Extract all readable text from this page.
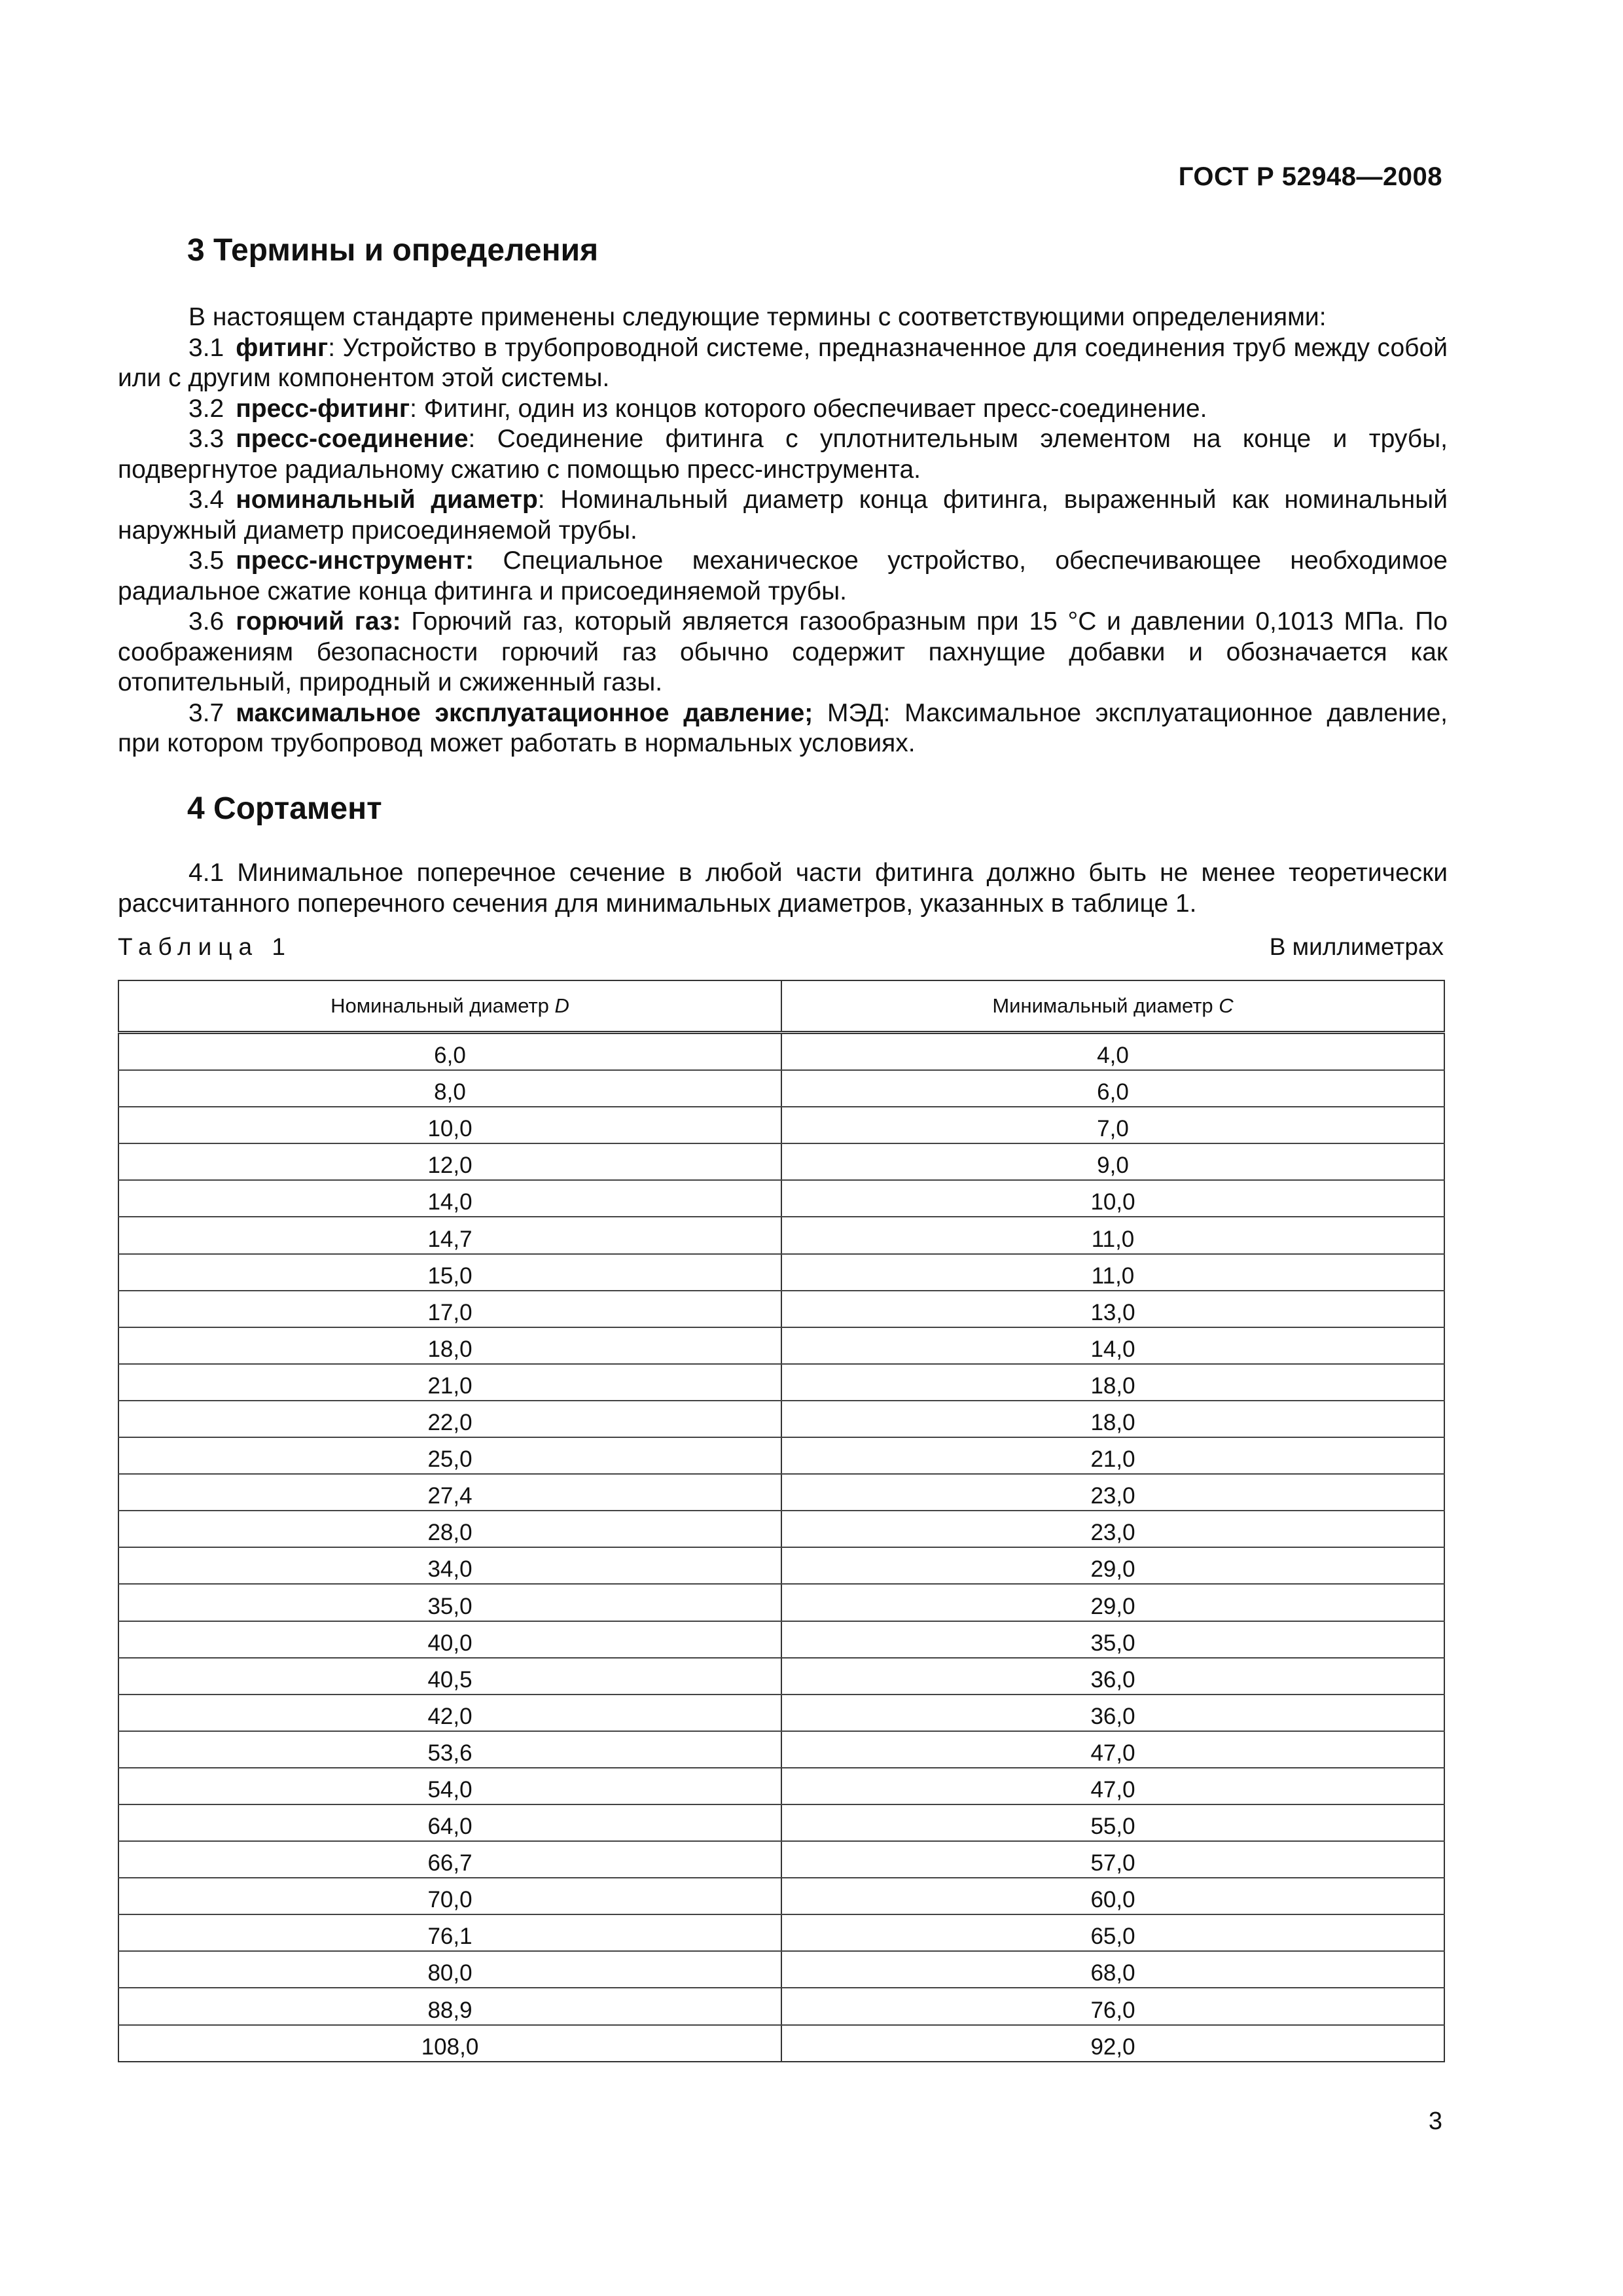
ГОСТ Р 52948—2008
3 Термины и определения

В настоящем стандарте применены следующие термины с соответствующими определениями:

3.1 фитинг: Устройство в трубопроводной системе, предназначенное для соединения труб между собой или с другим компонентом этой системы.

3.2 пресс-фитинг: Фитинг, один из концов которого обеспечивает пресс-соединение.

3.3 пресс-соединение: Соединение фитинга с уплотнительным элементом на конце и трубы, подвергнутое радиальному сжатию с помощью пресс-инструмента.

3.4 номинальный диаметр: Номинальный диаметр конца фитинга, выраженный как номинальный наружный диаметр присоединяемой трубы.

3.5 пресс-инструмент: Специальное механическое устройство, обеспечивающее необходимое радиальное сжатие конца фитинга и присоединяемой трубы.

3.6 горючий газ: Горючий газ, который является газообразным при 15 °С и давлении 0,1013 МПа. По соображениям безопасности горючий газ обычно содержит пахнущие добавки и обозначается как отопительный, природный и сжиженный газы.

3.7 максимальное эксплуатационное давление; МЭД: Максимальное эксплуатационное давление, при котором трубопровод может работать в нормальных условиях.

4 Сортамент

4.1 Минимальное поперечное сечение в любой части фитинга должно быть не менее теоретически рассчитанного поперечного сечения для минимальных диаметров, указанных в таблице 1.

Таблица 1	В миллиметрах
Номинальный диаметр D	Минимальный диаметр C
6,0	4,0
8,0	6,0
10,0	7,0
12,0	9,0
14,0	10,0
14,7	11,0
15,0	11,0
17,0	13,0
18,0	14,0
21,0	18,0
22,0	18,0
25,0	21,0
27,4	23,0
28,0	23,0
34,0	29,0
35,0	29,0
40,0	35,0
40,5	36,0
42,0	36,0
53,6	47,0
54,0	47,0
64,0	55,0
66,7	57,0
70,0	60,0
76,1	65,0
80,0	68,0
88,9	76,0
108,0	92,0
3
